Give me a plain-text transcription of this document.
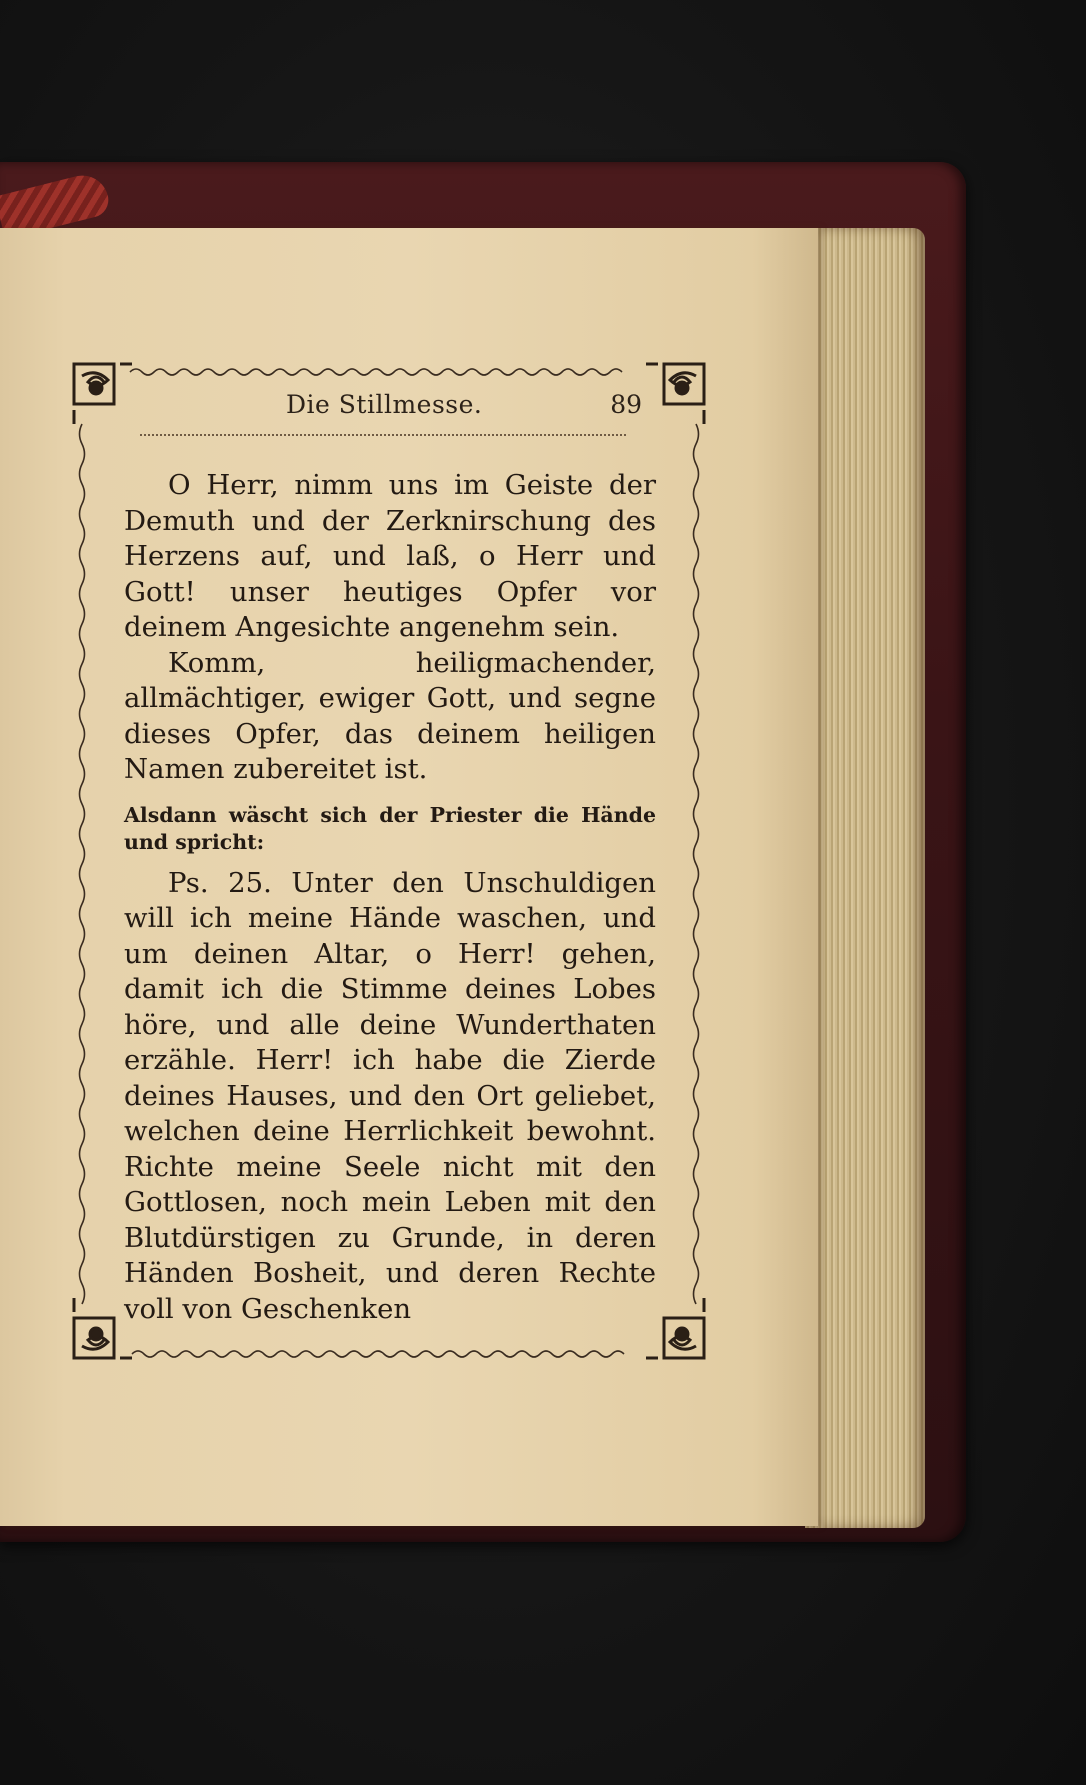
Die Stillmesse.	89

O Herr, nimm uns im Geiste der Demuth und der Zerknirschung des Herzens auf, und laß, o Herr und Gott! unser heutiges Opfer vor deinem Angesichte angenehm sein.

Komm, heiligmachender, allmächtiger, ewiger Gott, und segne dieses Opfer, das deinem heiligen Namen zubereitet ist.

Alsdann wäscht sich der Priester die Hände und spricht:

Ps. 25. Unter den Unschuldigen will ich meine Hände waschen, und um deinen Altar, o Herr! gehen, damit ich die Stimme deines Lobes höre, und alle deine Wunderthaten erzähle. Herr! ich habe die Zierde deines Hauses, und den Ort geliebet, welchen deine Herrlichkeit bewohnt. Richte meine Seele nicht mit den Gottlosen, noch mein Leben mit den Blutdürstigen zu Grunde, in deren Händen Bosheit, und deren Rechte voll von Geschenken
